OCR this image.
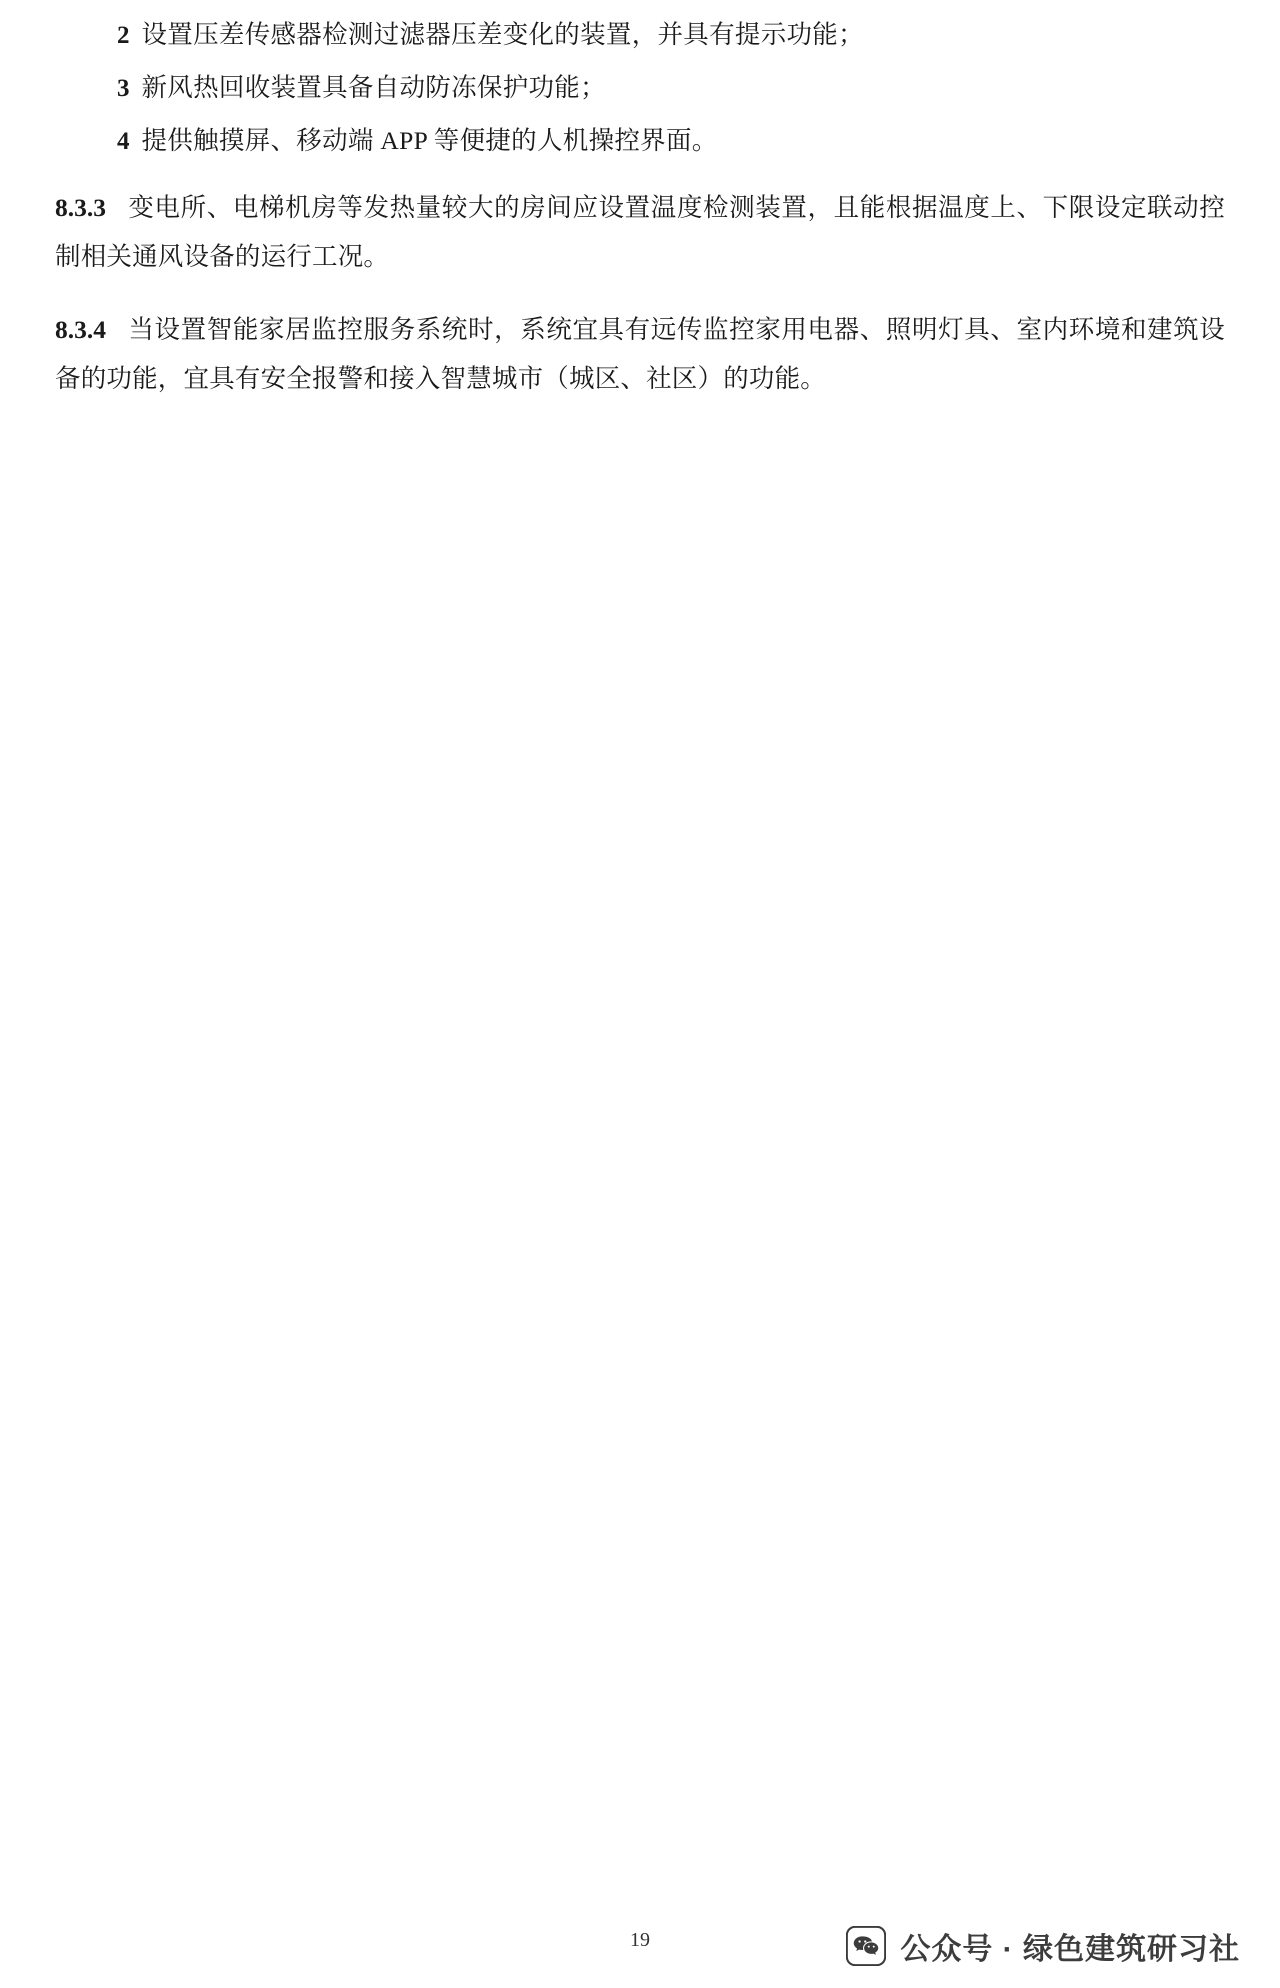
2 设置压差传感器检测过滤器压差变化的装置，并具有提示功能；
3 新风热回收装置具备自动防冻保护功能；
4 提供触摸屏、移动端 APP 等便捷的人机操控界面。

8.3.3 变电所、电梯机房等发热量较大的房间应设置温度检测装置，且能根据温度上、下限设定联动控制相关通风设备的运行工况。

8.3.4 当设置智能家居监控服务系统时，系统宜具有远传监控家用电器、照明灯具、室内环境和建筑设备的功能，宜具有安全报警和接入智慧城市（城区、社区）的功能。

19	公众号 · 绿色建筑研习社
